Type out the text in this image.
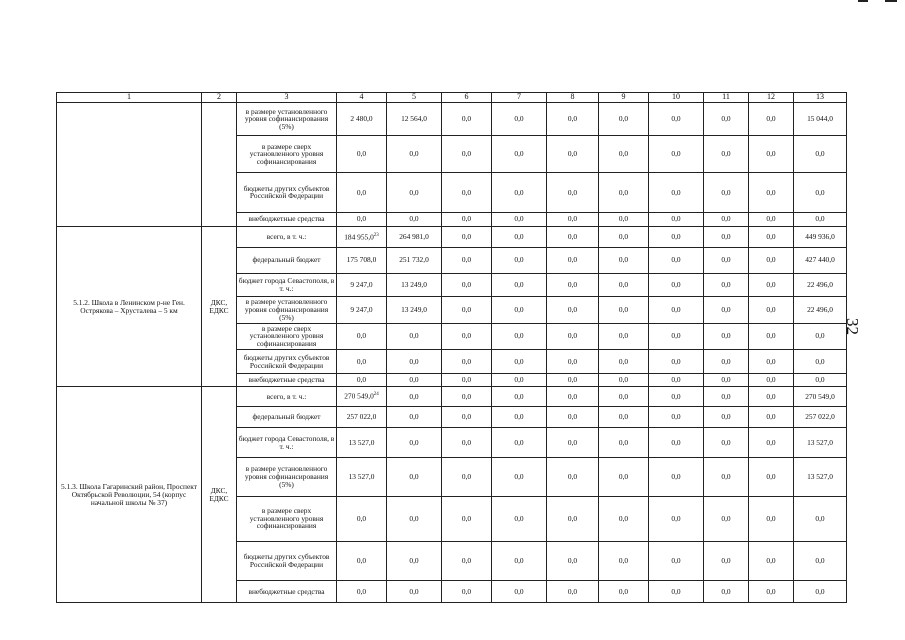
32
1	2	3	4	5	6	7	8	9	10	11	12	13
		в размере установленного уровня софинансирования (5%)	2 480,0	12 564,0	0,0	0,0	0,0	0,0	0,0	0,0	0,0	15 044,0
		в размере сверх установленного уровня софинансирования	0,0	0,0	0,0	0,0	0,0	0,0	0,0	0,0	0,0	0,0
		бюджеты других субъектов Российской Федерации	0,0	0,0	0,0	0,0	0,0	0,0	0,0	0,0	0,0	0,0
		внебюджетные средства	0,0	0,0	0,0	0,0	0,0	0,0	0,0	0,0	0,0	0,0
5.1.2. Школа в Ленинском р-не Ген. Острякова – Хрусталева – 5 км	ДКС, ЕДКС	всего, в т. ч.:	184 955,0$^{23}$	264 981,0	0,0	0,0	0,0	0,0	0,0	0,0	0,0	449 936,0
		федеральный бюджет	175 708,0	251 732,0	0,0	0,0	0,0	0,0	0,0	0,0	0,0	427 440,0
		бюджет города Севастополя, в т. ч.:	9 247,0	13 249,0	0,0	0,0	0,0	0,0	0,0	0,0	0,0	22 496,0
		в размере установленного уровня софинансирования (5%)	9 247,0	13 249,0	0,0	0,0	0,0	0,0	0,0	0,0	0,0	22 496,0
		в размере сверх установленного уровня софинансирования	0,0	0,0	0,0	0,0	0,0	0,0	0,0	0,0	0,0	0,0
		бюджеты других субъектов Российской Федерации	0,0	0,0	0,0	0,0	0,0	0,0	0,0	0,0	0,0	0,0
		внебюджетные средства	0,0	0,0	0,0	0,0	0,0	0,0	0,0	0,0	0,0	0,0
5.1.3. Школа Гагаринский район, Проспект Октябрьской Революции, 54 (корпус начальной школы № 37)	ДКС, ЕДКС	всего, в т. ч.:	270 549,0$^{24}$	0,0	0,0	0,0	0,0	0,0	0,0	0,0	0,0	270 549,0
		федеральный бюджет	257 022,0	0,0	0,0	0,0	0,0	0,0	0,0	0,0	0,0	257 022,0
		бюджет города Севастополя, в т. ч.:	13 527,0	0,0	0,0	0,0	0,0	0,0	0,0	0,0	0,0	13 527,0
		в размере установленного уровня софинансирования (5%)	13 527,0	0,0	0,0	0,0	0,0	0,0	0,0	0,0	0,0	13 527,0
		в размере сверх установленного уровня софинансирования	0,0	0,0	0,0	0,0	0,0	0,0	0,0	0,0	0,0	0,0
		бюджеты других субъектов Российской Федерации	0,0	0,0	0,0	0,0	0,0	0,0	0,0	0,0	0,0	0,0
		внебюджетные средства	0,0	0,0	0,0	0,0	0,0	0,0	0,0	0,0	0,0	0,0
